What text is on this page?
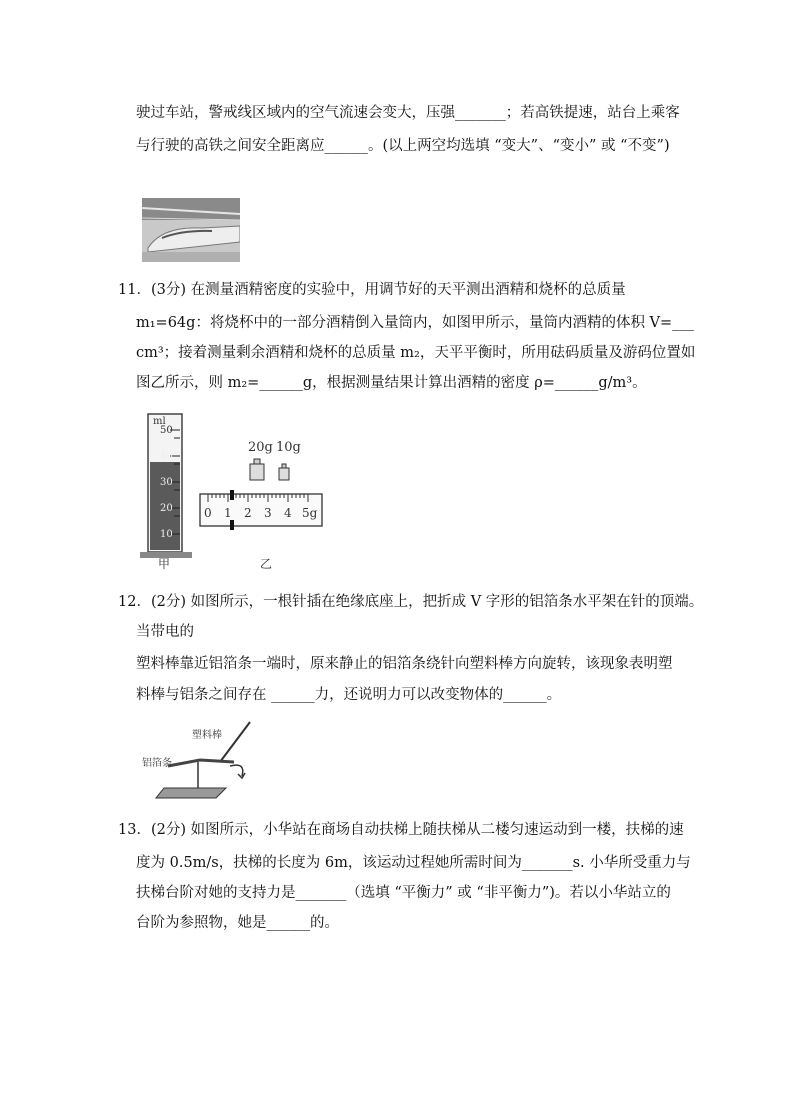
驶过车站，警戒线区域内的空气流速会变大，压强_______；若高铁提速，站台上乘客
与行驶的高铁之间安全距离应______。(以上两空均选填 “变大”、“变小” 或 “不变”)
11．(3分) 在测量酒精密度的实验中，用调节好的天平测出酒精和烧杯的总质量
m₁=64g：将烧杯中的一部分酒精倒入量筒内，如图甲所示，量筒内酒精的体积 V=___
cm³；接着测量剩余酒精和烧杯的总质量 m₂，天平平衡时，所用砝码质量及游码位置如
图乙所示，则 m₂=______g，根据测量结果计算出酒精的密度 ρ=______g/m³。
ml
50
40
30
20
10
甲
20g 10g
0 1 2 3 4 5g
乙
12．(2分) 如图所示，一根针插在绝缘底座上，把折成 V 字形的铝箔条水平架在针的顶端。
当带电的
塑料棒靠近铝箔条一端时，原来静止的铝箔条绕针向塑料棒方向旋转，该现象表明塑
料棒与铝条之间存在 ______力，还说明力可以改变物体的______。
塑料棒
铝箔条
13．(2分) 如图所示，小华站在商场自动扶梯上随扶梯从二楼匀速运动到一楼，扶梯的速
度为 0.5m/s，扶梯的长度为 6m，该运动过程她所需时间为_______s. 小华所受重力与
扶梯台阶对她的支持力是_______（选填 “平衡力” 或 “非平衡力”)。若以小华站立的
台阶为参照物，她是______的。
